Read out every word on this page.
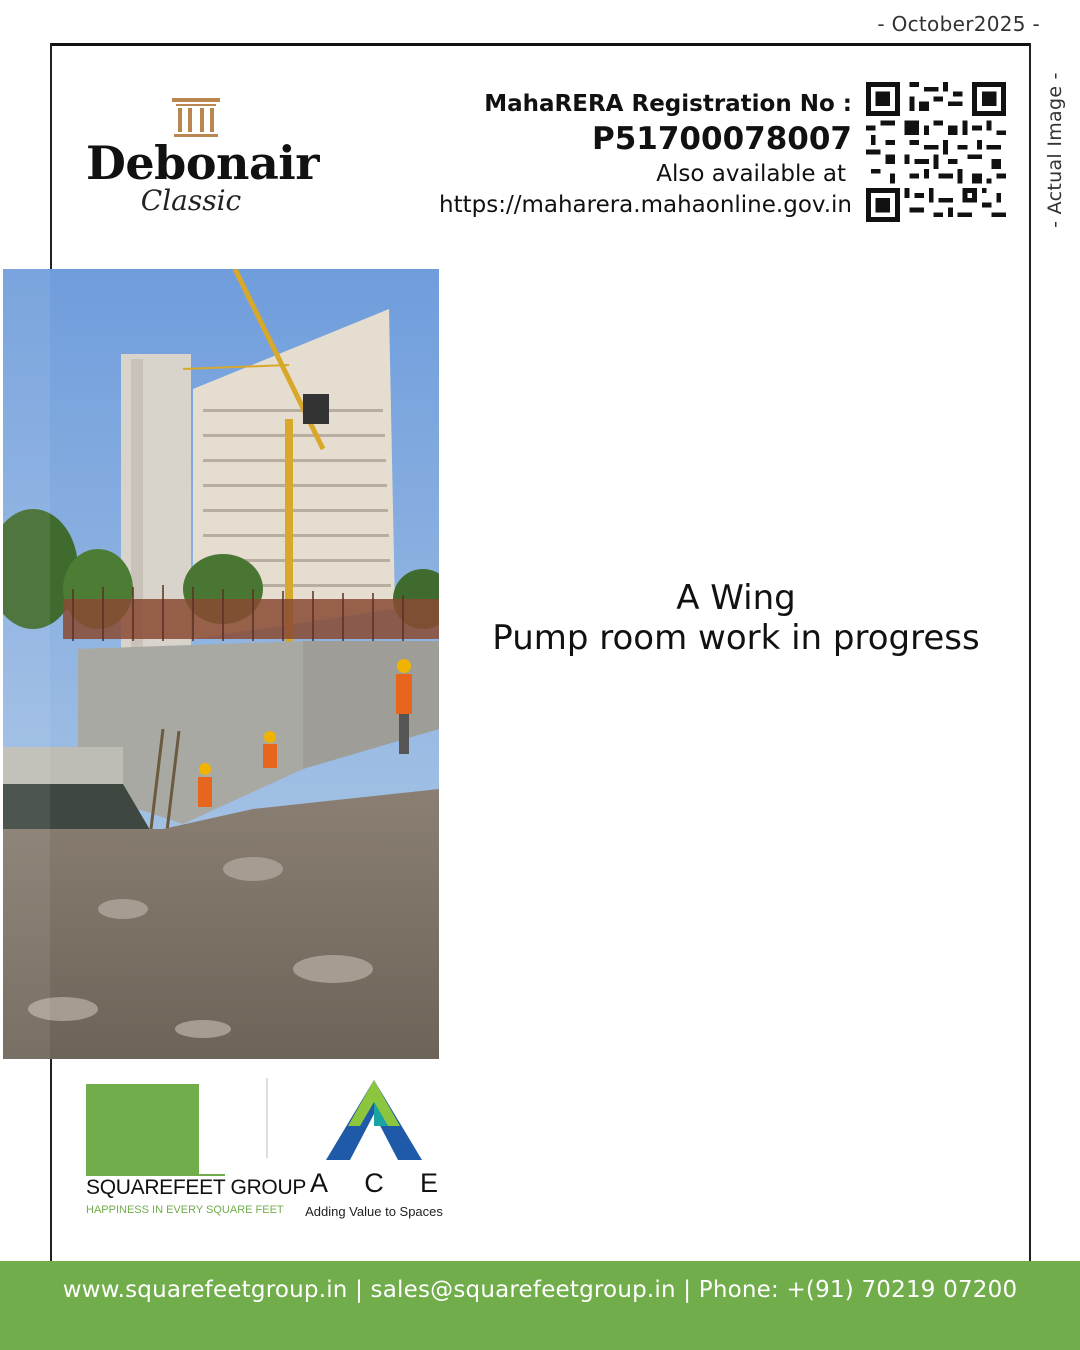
- October2025 -
- Actual Image -
Debonair
Classic
MahaRERA Registration No :
P51700078007
Also available at
https://maharera.mahaonline.gov.in
A Wing
Pump room work in progress
SQUAREFEET GROUP
HAPPINESS IN EVERY SQUARE FEET
A C E
Adding Value to Spaces
www.squarefeetgroup.in | sales@squarefeetgroup.in | Phone: +(91) 70219 07200
